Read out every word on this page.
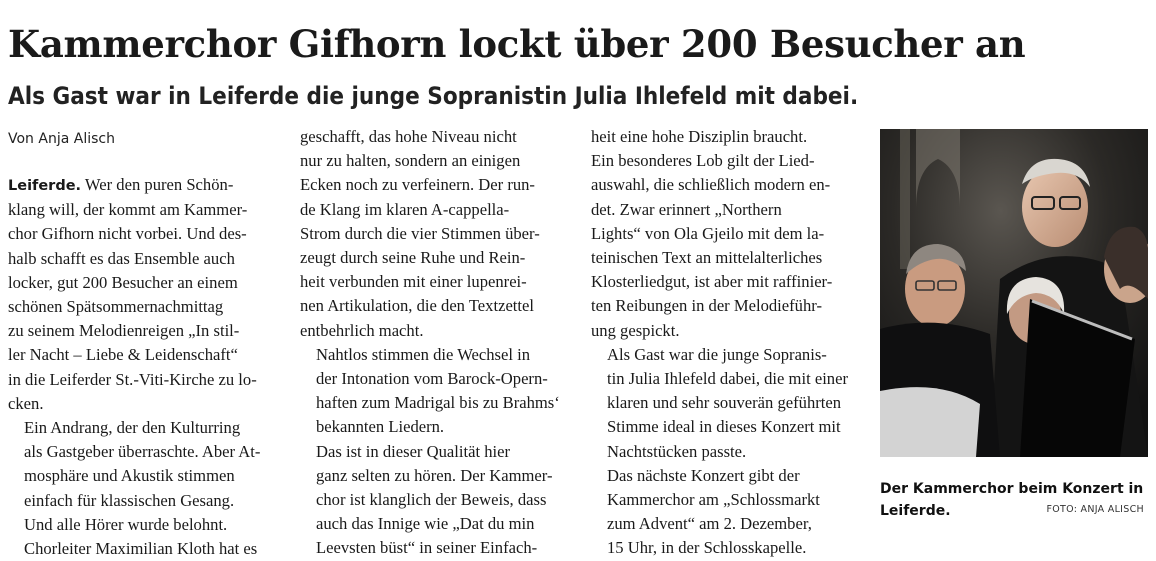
Kammerchor Gifhorn lockt über 200 Besucher an
Als Gast war in Leiferde die junge Sopranistin Julia Ihlefeld mit dabei.
Von Anja Alisch

Leiferde. Wer den puren Schön-
klang will, der kommt am Kammer-
chor Gifhorn nicht vorbei. Und des-
halb schafft es das Ensemble auch
locker, gut 200 Besucher an einem
schönen Spätsommernachmittag
zu seinem Melodienreigen „In stil-
ler Nacht – Liebe & Leidenschaft“
in die Leiferder St.-Viti-Kirche zu lo-
cken.

Ein Andrang, der den Kulturring
als Gastgeber überraschte. Aber At-
mosphäre und Akustik stimmen
einfach für klassischen Gesang.
Und alle Hörer wurde belohnt.
Chorleiter Maximilian Kloth hat es

geschafft, das hohe Niveau nicht
nur zu halten, sondern an einigen
Ecken noch zu verfeinern. Der run-
de Klang im klaren A-cappella-
Strom durch die vier Stimmen über-
zeugt durch seine Ruhe und Rein-
heit verbunden mit einer lupenrei-
nen Artikulation, die den Textzettel
entbehrlich macht.

Nahtlos stimmen die Wechsel in
der Intonation vom Barock-Opern-
haften zum Madrigal bis zu Brahms‘
bekannten Liedern.

Das ist in dieser Qualität hier
ganz selten zu hören. Der Kammer-
chor ist klanglich der Beweis, dass
auch das Innige wie „Dat du min
Leevsten büst“ in seiner Einfach-

heit eine hohe Disziplin braucht.
Ein besonderes Lob gilt der Lied-
auswahl, die schließlich modern en-
det. Zwar erinnert „Northern
Lights“ von Ola Gjeilo mit dem la-
teinischen Text an mittelalterliches
Klosterliedgut, ist aber mit raffinier-
ten Reibungen in der Melodieführ-
ung gespickt.

Als Gast war die junge Sopranis-
tin Julia Ihlefeld dabei, die mit einer
klaren und sehr souverän geführten
Stimme ideal in dieses Konzert mit
Nachtstücken passte.

Das nächste Konzert gibt der
Kammerchor am „Schlossmarkt
zum Advent“ am 2. Dezember,
15 Uhr, in der Schlosskapelle.

Der Kammerchor beim Konzert in Leiferde.	FOTO: ANJA ALISCH
